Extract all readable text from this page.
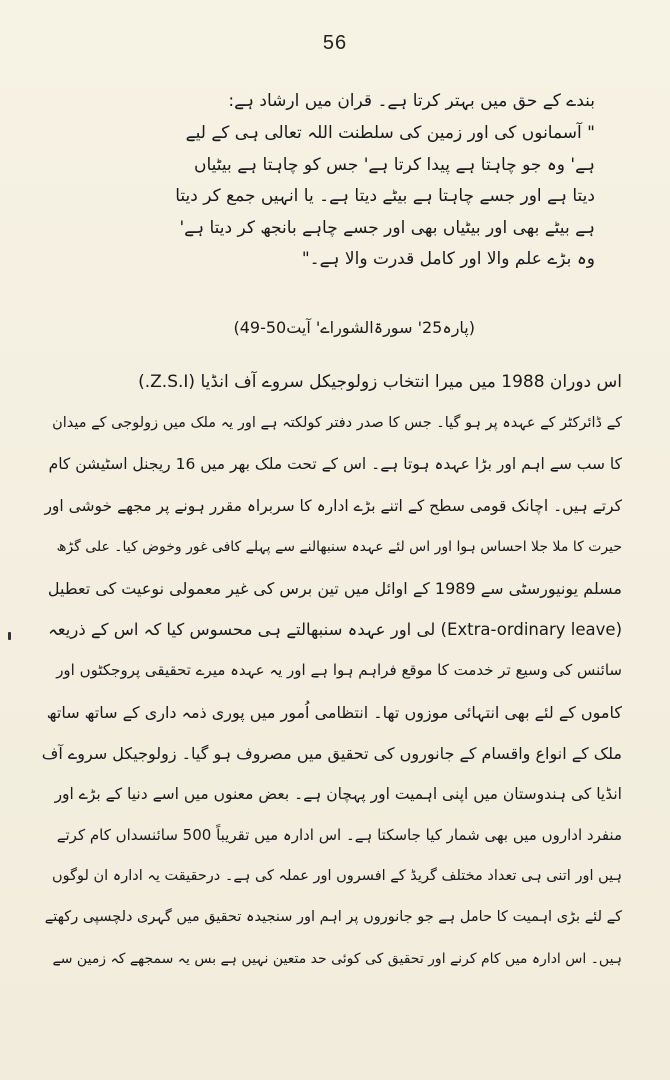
56
بندے کے حق میں بہتر کرتا ہے۔ قران میں ارشاد ہے:
" آسمانوں کی اور زمین کی سلطنت اللہ تعالی ہی کے لیے
ہے' وہ جو چاہتا ہے پیدا کرتا ہے' جس کو چاہتا ہے بیٹیاں
دیتا ہے اور جسے چاہتا ہے بیٹے دیتا ہے۔ یا انہیں جمع کر دیتا
ہے بیٹے بھی اور بیٹیاں بھی اور جسے چاہے بانجھ کر دیتا ہے'
وہ بڑے علم والا اور کامل قدرت والا ہے۔"
(پارہ25' سورۃالشوراے' آیت50-49)
اس دوران 1988 میں میرا انتخاب زولوجیکل سروے آف انڈیا (Z.S.I.)
کے ڈائرکٹر کے عہدہ پر ہو گیا۔ جس کا صدر دفتر کولکتہ ہے اور یہ ملک میں زولوجی کے میدان
کا سب سے اہم اور بڑا عہدہ ہوتا ہے۔ اس کے تحت ملک بھر میں 16 ریجنل اسٹیشن کام
کرتے ہیں۔ اچانک قومی سطح کے اتنے بڑے ادارہ کا سربراہ مقرر ہونے پر مجھے خوشی اور
حیرت کا ملا جلا احساس ہوا اور اس لئے عہدہ سنبھالنے سے پہلے کافی غور وخوض کیا۔ علی گڑھ
مسلم یونیورسٹی سے 1989 کے اوائل میں تین برس کی غیر معمولی نوعیت کی تعطیل
(Extra-ordinary leave) لی اور عہدہ سنبھالتے ہی محسوس کیا کہ اس کے ذریعہ
سائنس کی وسیع تر خدمت کا موقع فراہم ہوا ہے اور یہ عہدہ میرے تحقیقی پروجکٹوں اور
کاموں کے لئے بھی انتہائی موزوں تھا۔ انتظامی اُمور میں پوری ذمہ داری کے ساتھ ساتھ
ملک کے انواع واقسام کے جانوروں کی تحقیق میں مصروف ہو گیا۔ زولوجیکل سروے آف
انڈیا کی ہندوستان میں اپنی اہمیت اور پہچان ہے۔ بعض معنوں میں اسے دنیا کے بڑے اور
منفرد اداروں میں بھی شمار کیا جاسکتا ہے۔ اس ادارہ میں تقریباً 500 سائنسداں کام کرتے
ہیں اور اتنی ہی تعداد مختلف گریڈ کے افسروں اور عملہ کی ہے۔ درحقیقت یہ ادارہ ان لوگوں
کے لئے بڑی اہمیت کا حامل ہے جو جانوروں پر اہم اور سنجیدہ تحقیق میں گہری دلچسپی رکھتے
ہیں۔ اس ادارہ میں کام کرنے اور تحقیق کی کوئی حد متعین نہیں ہے بس یہ سمجھے کہ زمین سے
